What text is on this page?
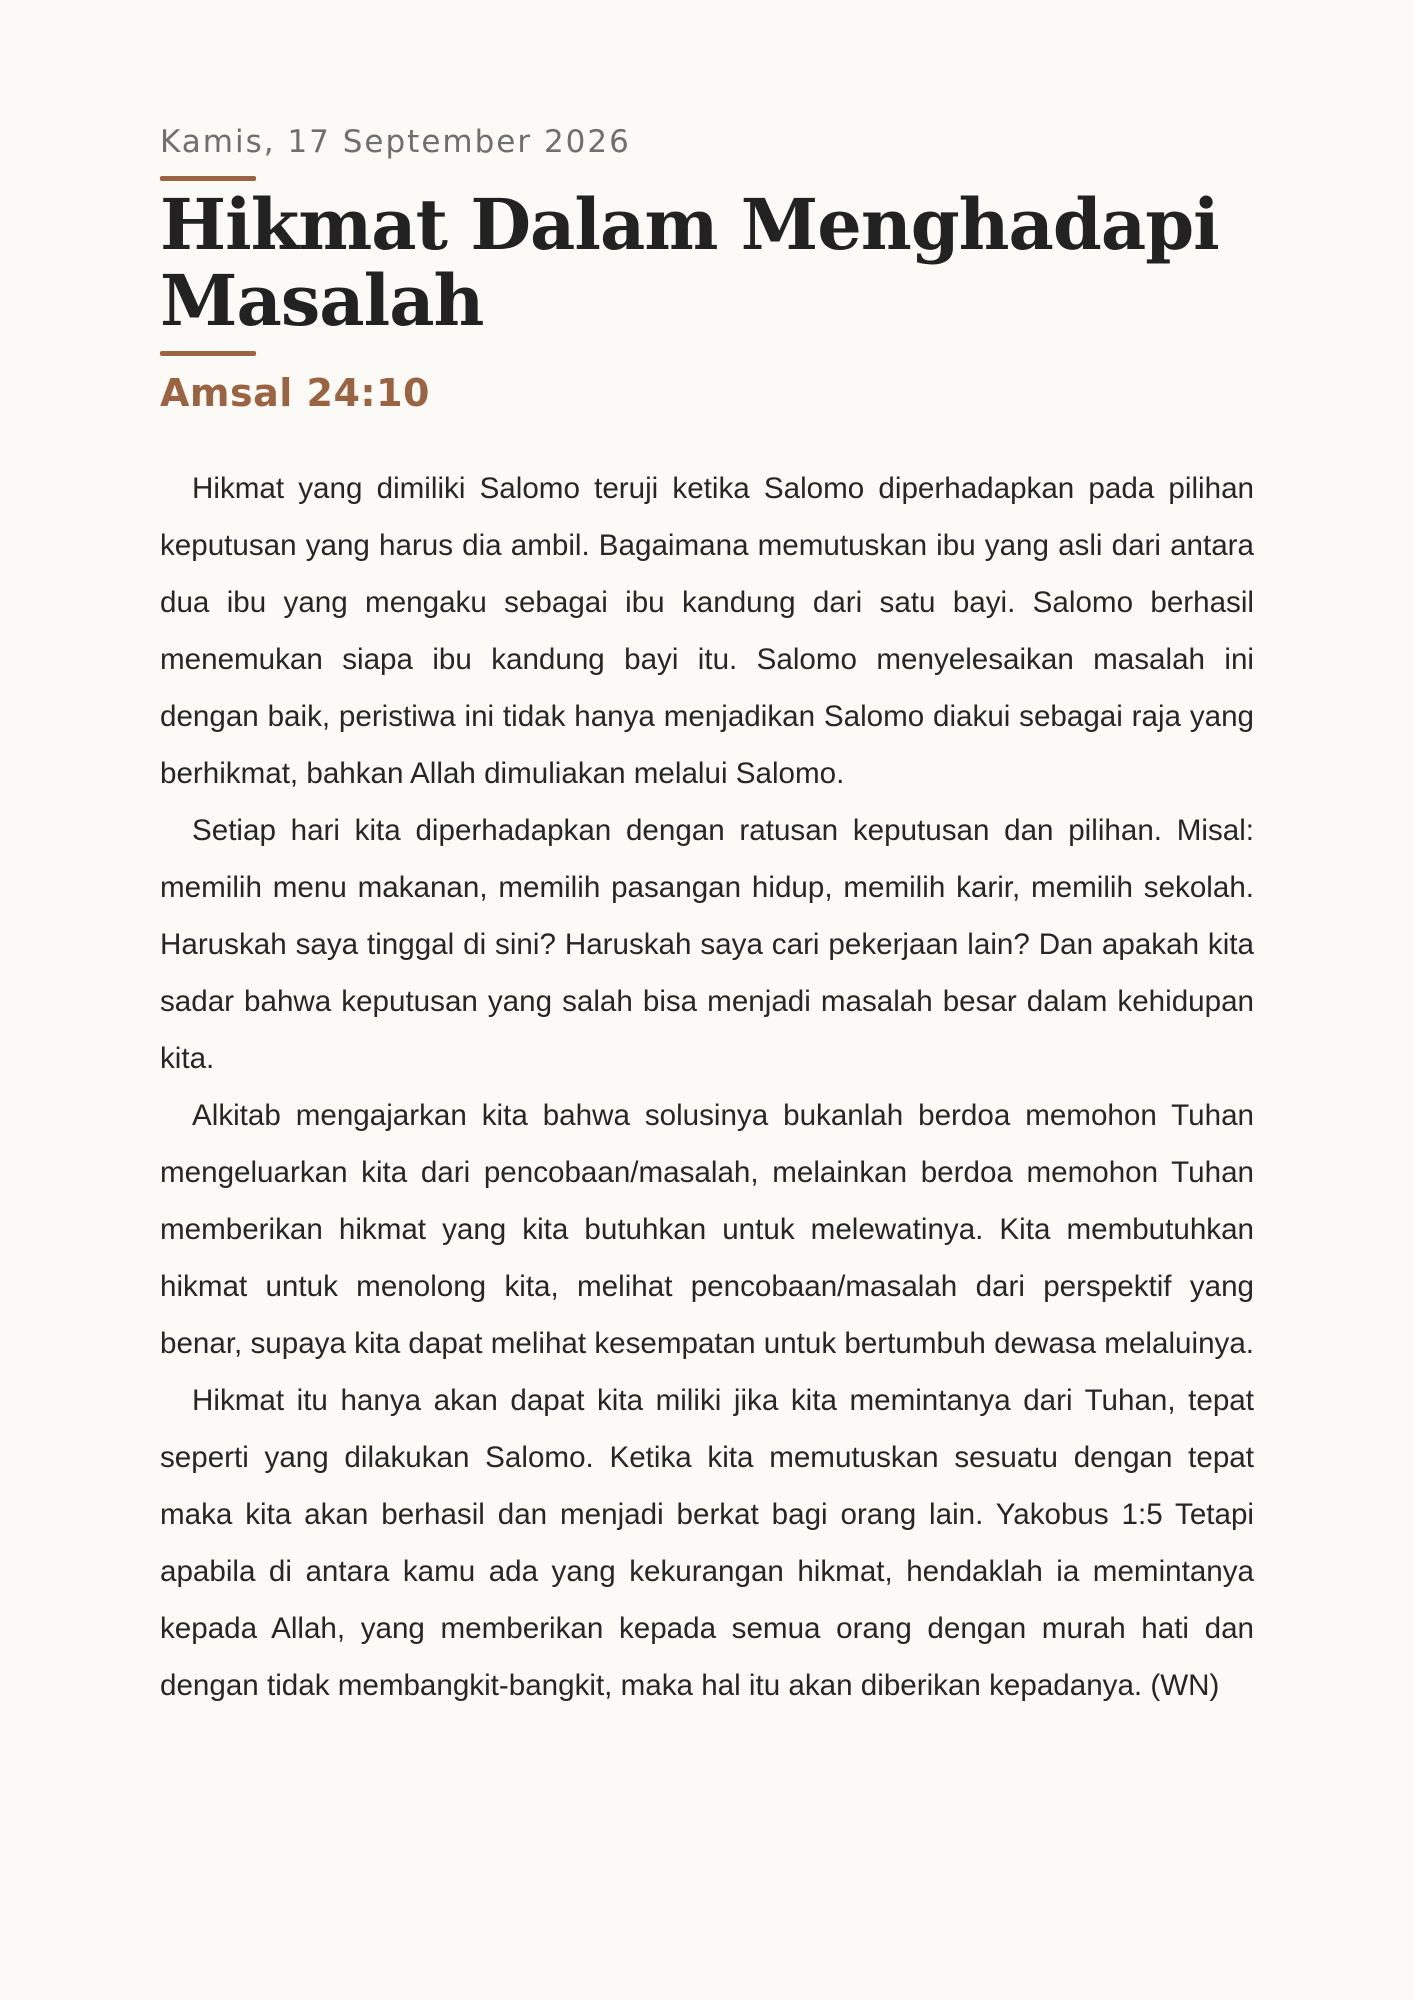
Kamis, 17 September 2026
Hikmat Dalam Menghadapi Masalah
Amsal 24:10

Hikmat yang dimiliki Salomo teruji ketika Salomo diperhadapkan pada pilihan keputusan yang harus dia ambil. Bagaimana memutuskan ibu yang asli dari antara dua ibu yang mengaku sebagai ibu kandung dari satu bayi. Salomo berhasil menemukan siapa ibu kandung bayi itu. Salomo menyelesaikan masalah ini dengan baik, peristiwa ini tidak hanya menjadikan Salomo diakui sebagai raja yang berhikmat, bahkan Allah dimuliakan melalui Salomo.

Setiap hari kita diperhadapkan dengan ratusan keputusan dan pilihan. Misal: memilih menu makanan, memilih pasangan hidup, memilih karir, memilih sekolah. Haruskah saya tinggal di sini? Haruskah saya cari pekerjaan lain? Dan apakah kita sadar bahwa keputusan yang salah bisa menjadi masalah besar dalam kehidupan kita.

Alkitab mengajarkan kita bahwa solusinya bukanlah berdoa memohon Tuhan mengeluarkan kita dari pencobaan/masalah, melainkan berdoa memohon Tuhan memberikan hikmat yang kita butuhkan untuk melewatinya. Kita membutuhkan hikmat untuk menolong kita, melihat pencobaan/masalah dari perspektif yang benar, supaya kita dapat melihat kesempatan untuk bertumbuh dewasa melaluinya.

Hikmat itu hanya akan dapat kita miliki jika kita memintanya dari Tuhan, tepat seperti yang dilakukan Salomo. Ketika kita memutuskan sesuatu dengan tepat maka kita akan berhasil dan menjadi berkat bagi orang lain. Yakobus 1:5 Tetapi apabila di antara kamu ada yang kekurangan hikmat, hendaklah ia memintanya kepada Allah, yang memberikan kepada semua orang dengan murah hati dan dengan tidak membangkit-bangkit, maka hal itu akan diberikan kepadanya. (WN)
